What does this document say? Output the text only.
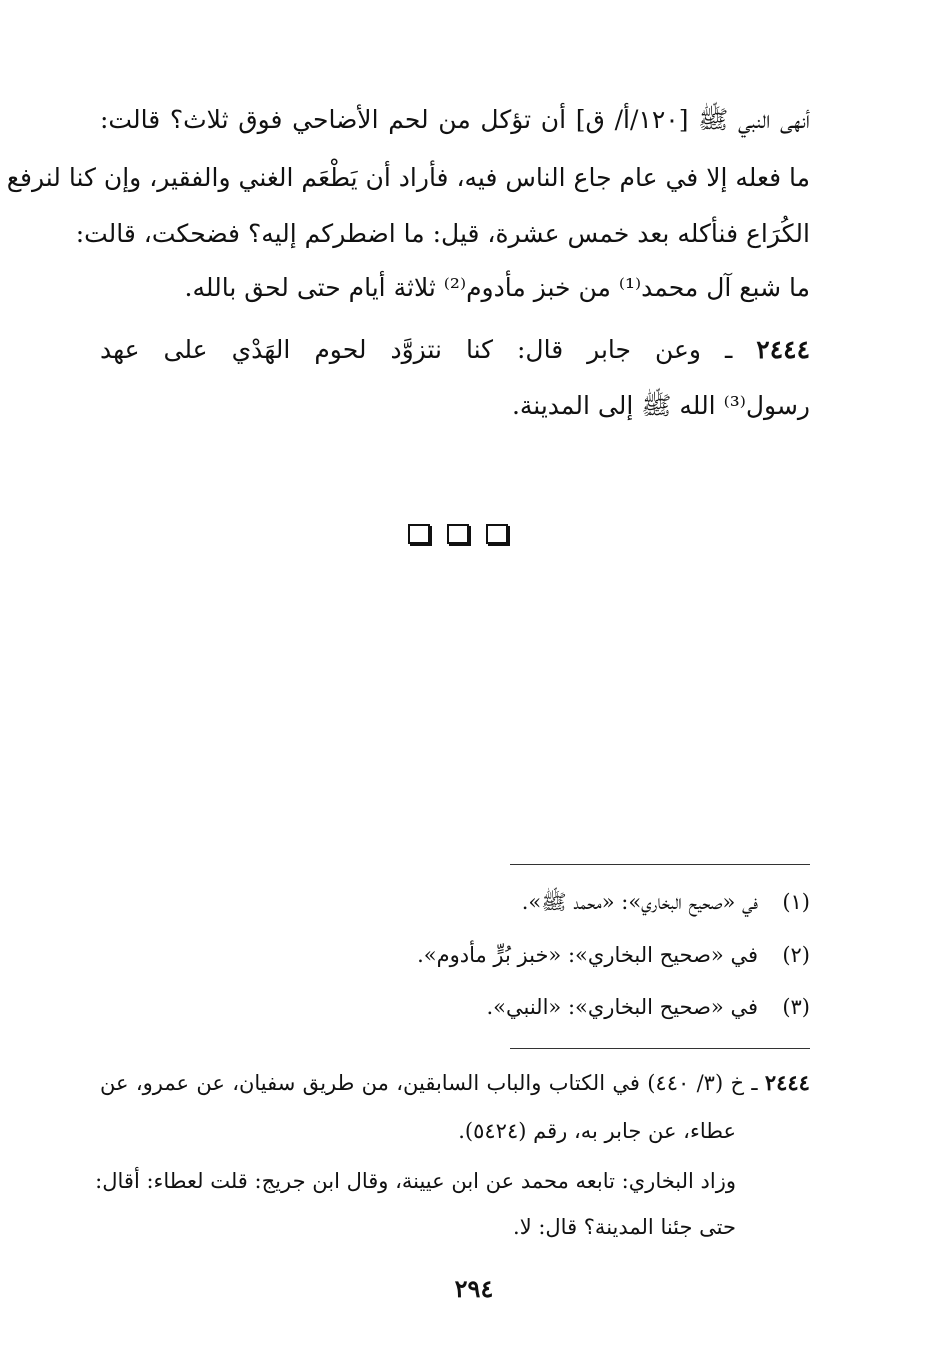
أنهى النبي ﷺ [١٢٠/أ/ ق] أن تؤكل من لحم الأضاحي فوق ثلاث؟ قالت:
ما فعله إلا في عام جاع الناس فيه، فأراد أن يَطْعَم الغني والفقير، وإن كنا لنرفع
الكُرَاع فنأكله بعد خمس عشرة، قيل: ما اضطركم إليه؟ فضحكت، قالت:
ما شبع آل محمد⁽¹⁾ من خبز مأدوم⁽²⁾ ثلاثة أيام حتى لحق بالله.
٢٤٤٤ ـ وعن جابر قال: كنا نتزوَّد لحوم الهَدْي على عهد
رسول⁽³⁾ الله ﷺ إلى المدينة.
(١)في «صحيح البخاري»: «محمد ﷺ».
(٢)في «صحيح البخاري»: «خبز بُرٍّ مأدوم».
(٣)في «صحيح البخاري»: «النبي».
٢٤٤٤ ـ خ (٣/ ٤٤٠) في الكتاب والباب السابقين، من طريق سفيان، عن عمرو، عن
عطاء، عن جابر به، رقم (٥٤٢٤).
وزاد البخاري: تابعه محمد عن ابن عيينة، وقال ابن جريج: قلت لعطاء: أقال:
حتى جئنا المدينة؟ قال: لا.
٢٩٤
